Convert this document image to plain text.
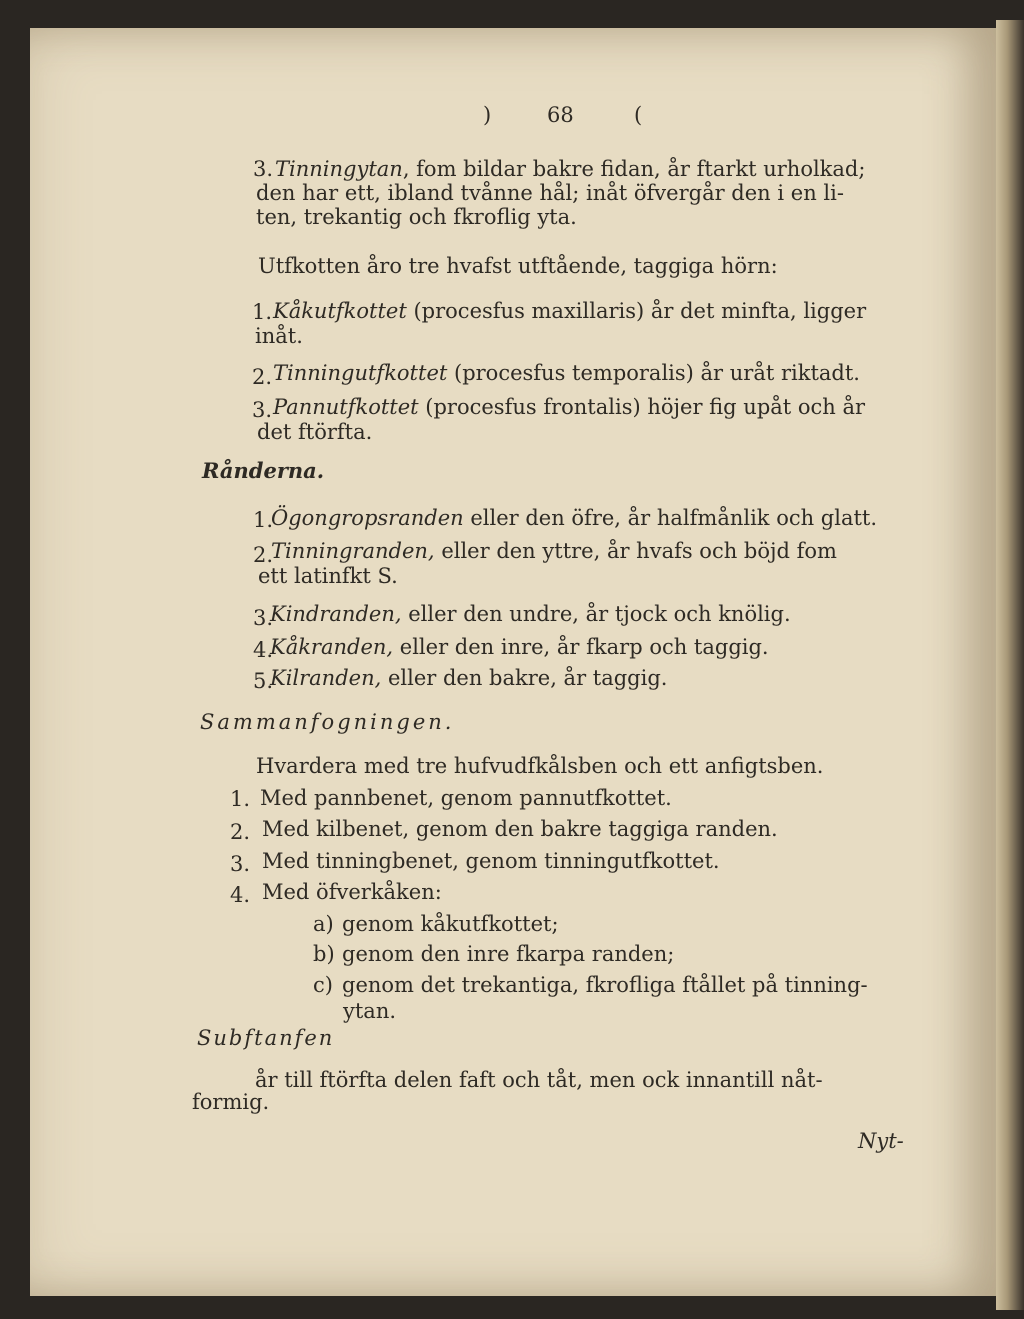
)	68	(
3. Tinningytan, fom bildar bakre fidan, år ftarkt urholkad;
den har ett, ibland tvånne hål; inåt öfvergår den i en li-
ten, trekantig och fkroflig yta.
Utfkotten åro tre hvafst utftående, taggiga hörn:
1. Kåkutfkottet (procesfus maxillaris) år det minfta, ligger
inåt.
2. Tinningutfkottet (procesfus temporalis) år uråt riktadt.
3. Pannutfkottet (procesfus frontalis) höjer fig upåt och år
det ftörfta.
Rånderna.
1.
Ögongropsranden eller den öfre, år halfmånlik och glatt.
2.
Tinningranden, eller den yttre, år hvafs och böjd fom
ett latinfkt S.
3.
Kindranden, eller den undre, år tjock och knölig.
4.
Kåkranden, eller den inre, år fkarp och taggig.
5.
Kilranden, eller den bakre, år taggig.
Sammanfogningen.
Hvardera med tre hufvudfkålsben och ett anfigtsben.
1. Med pannbenet, genom pannutfkottet.
2. Med kilbenet, genom den bakre taggiga randen.
3. Med tinningbenet, genom tinningutfkottet.
4. Med öfverkåken:
a) genom kåkutfkottet;
b) genom den inre fkarpa randen;
c) genom det trekantiga, fkrofliga ftållet på tinning-
ytan.
Subftanfen
år till ftörfta delen faft och tåt, men ock innantill nåt-
formig.
Nyt-
